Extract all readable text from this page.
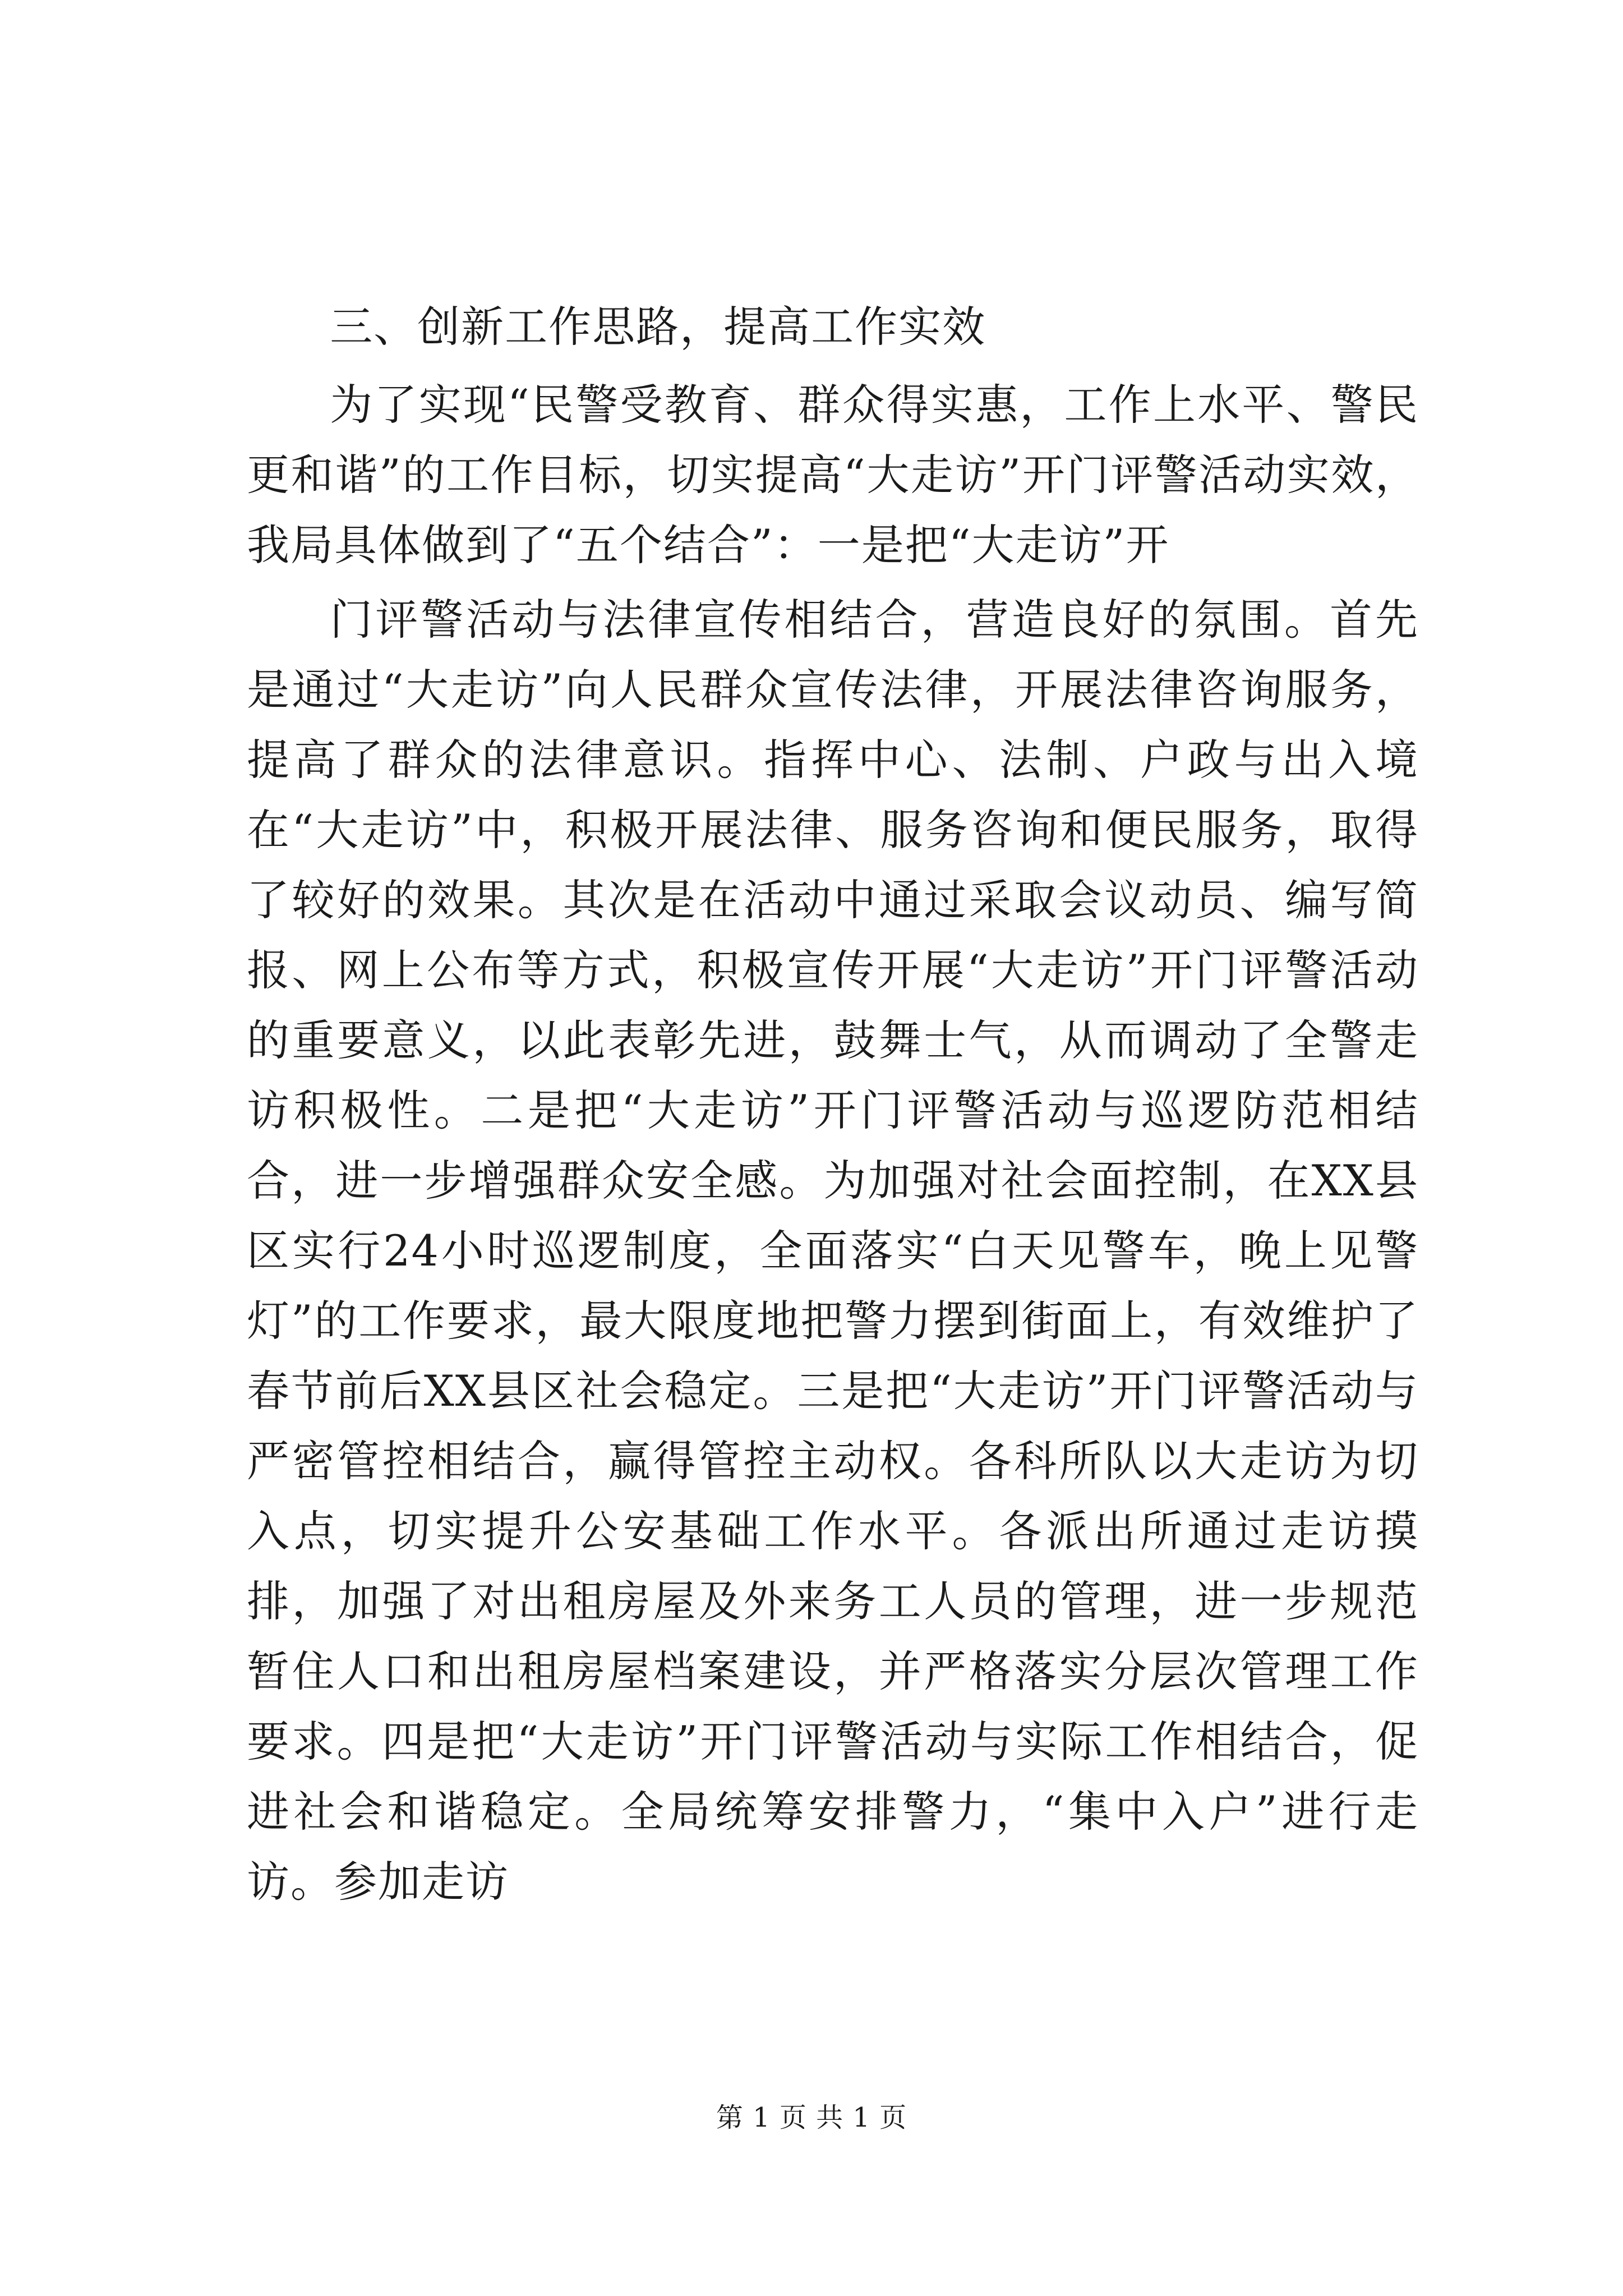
三、创新工作思路，提高工作实效

为了实现“民警受教育、群众得实惠，工作上水平、警民更和谐”的工作目标，切实提高“大走访”开门评警活动实效，我局具体做到了“五个结合”：一是把“大走访”开

门评警活动与法律宣传相结合，营造良好的氛围。首先是通过“大走访”向人民群众宣传法律，开展法律咨询服务，提高了群众的法律意识。指挥中心、法制、户政与出入境在“大走访”中，积极开展法律、服务咨询和便民服务，取得了较好的效果。其次是在活动中通过采取会议动员、编写简报、网上公布等方式，积极宣传开展“大走访”开门评警活动的重要意义，以此表彰先进，鼓舞士气，从而调动了全警走访积极性。二是把“大走访”开门评警活动与巡逻防范相结合，进一步增强群众安全感。为加强对社会面控制，在XX县区实行24小时巡逻制度，全面落实“白天见警车，晚上见警灯”的工作要求，最大限度地把警力摆到街面上，有效维护了春节前后XX县区社会稳定。三是把“大走访”开门评警活动与严密管控相结合，赢得管控主动权。各科所队以大走访为切入点，切实提升公安基础工作水平。各派出所通过走访摸排，加强了对出租房屋及外来务工人员的管理，进一步规范暂住人口和出租房屋档案建设，并严格落实分层次管理工作要求。四是把“大走访”开门评警活动与实际工作相结合，促进社会和谐稳定。全局统筹安排警力，“集中入户”进行走访。参加走访

第 1 页 共 1 页
